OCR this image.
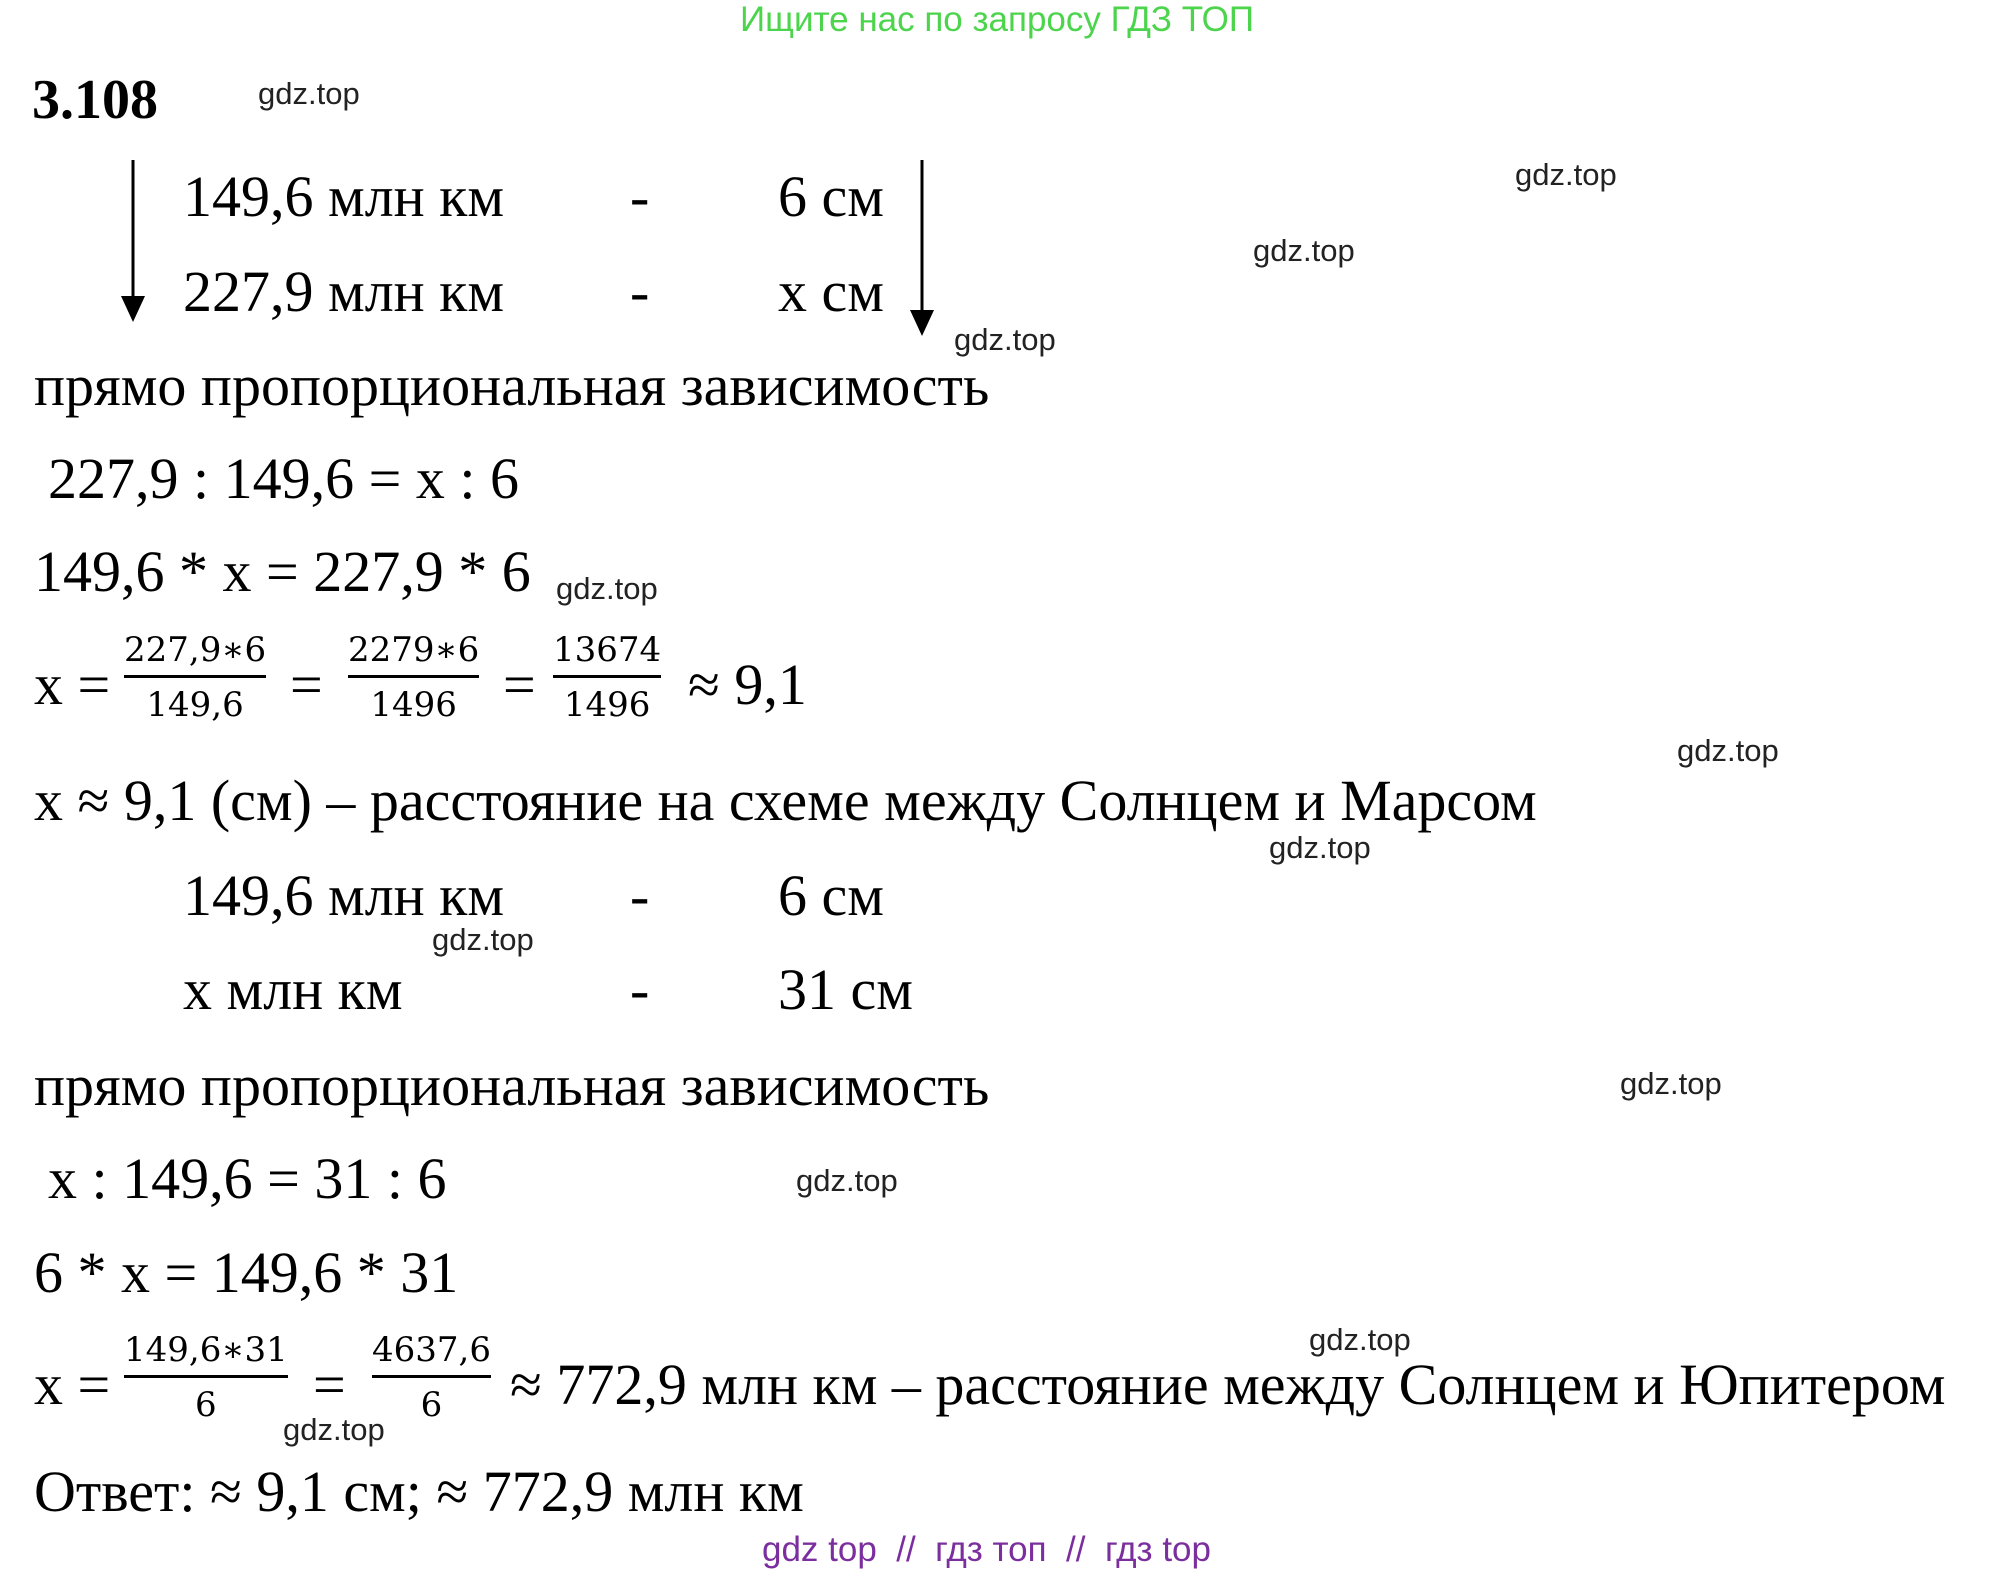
Ищите нас по запросу ГДЗ ТОП
3.108	gdz.top
gdz.top
gdz.top
gdz.top
gdz.top
gdz.top
gdz.top
gdz.top
gdz.top
gdz.top
gdz.top
gdz.top
149,6 млн км - 6 см
227,9 млн км - x см
прямо пропорциональная зависимость
227,9 : 149,6 = x : 6
149,6 * x = 227,9 * 6
x =
227,9∗6
149,6 =
2279∗6
1496 =
13674
1496 ≈ 9,1
x ≈ 9,1 (см) – расстояние на схеме между Солнцем и Марсом
149,6 млн км - 6 см
x млн км	- 31 см
прямо пропорциональная зависимость
x : 149,6 = 31 : 6
6 * x = 149,6 * 31
x =
149,6∗31
6 =
4637,6
6 ≈ 772,9 млн км – расстояние между Солнцем и Юпитером
Ответ: ≈ 9,1 см; ≈ 772,9 млн км
gdz top  //  гдз топ  //  гдз top
